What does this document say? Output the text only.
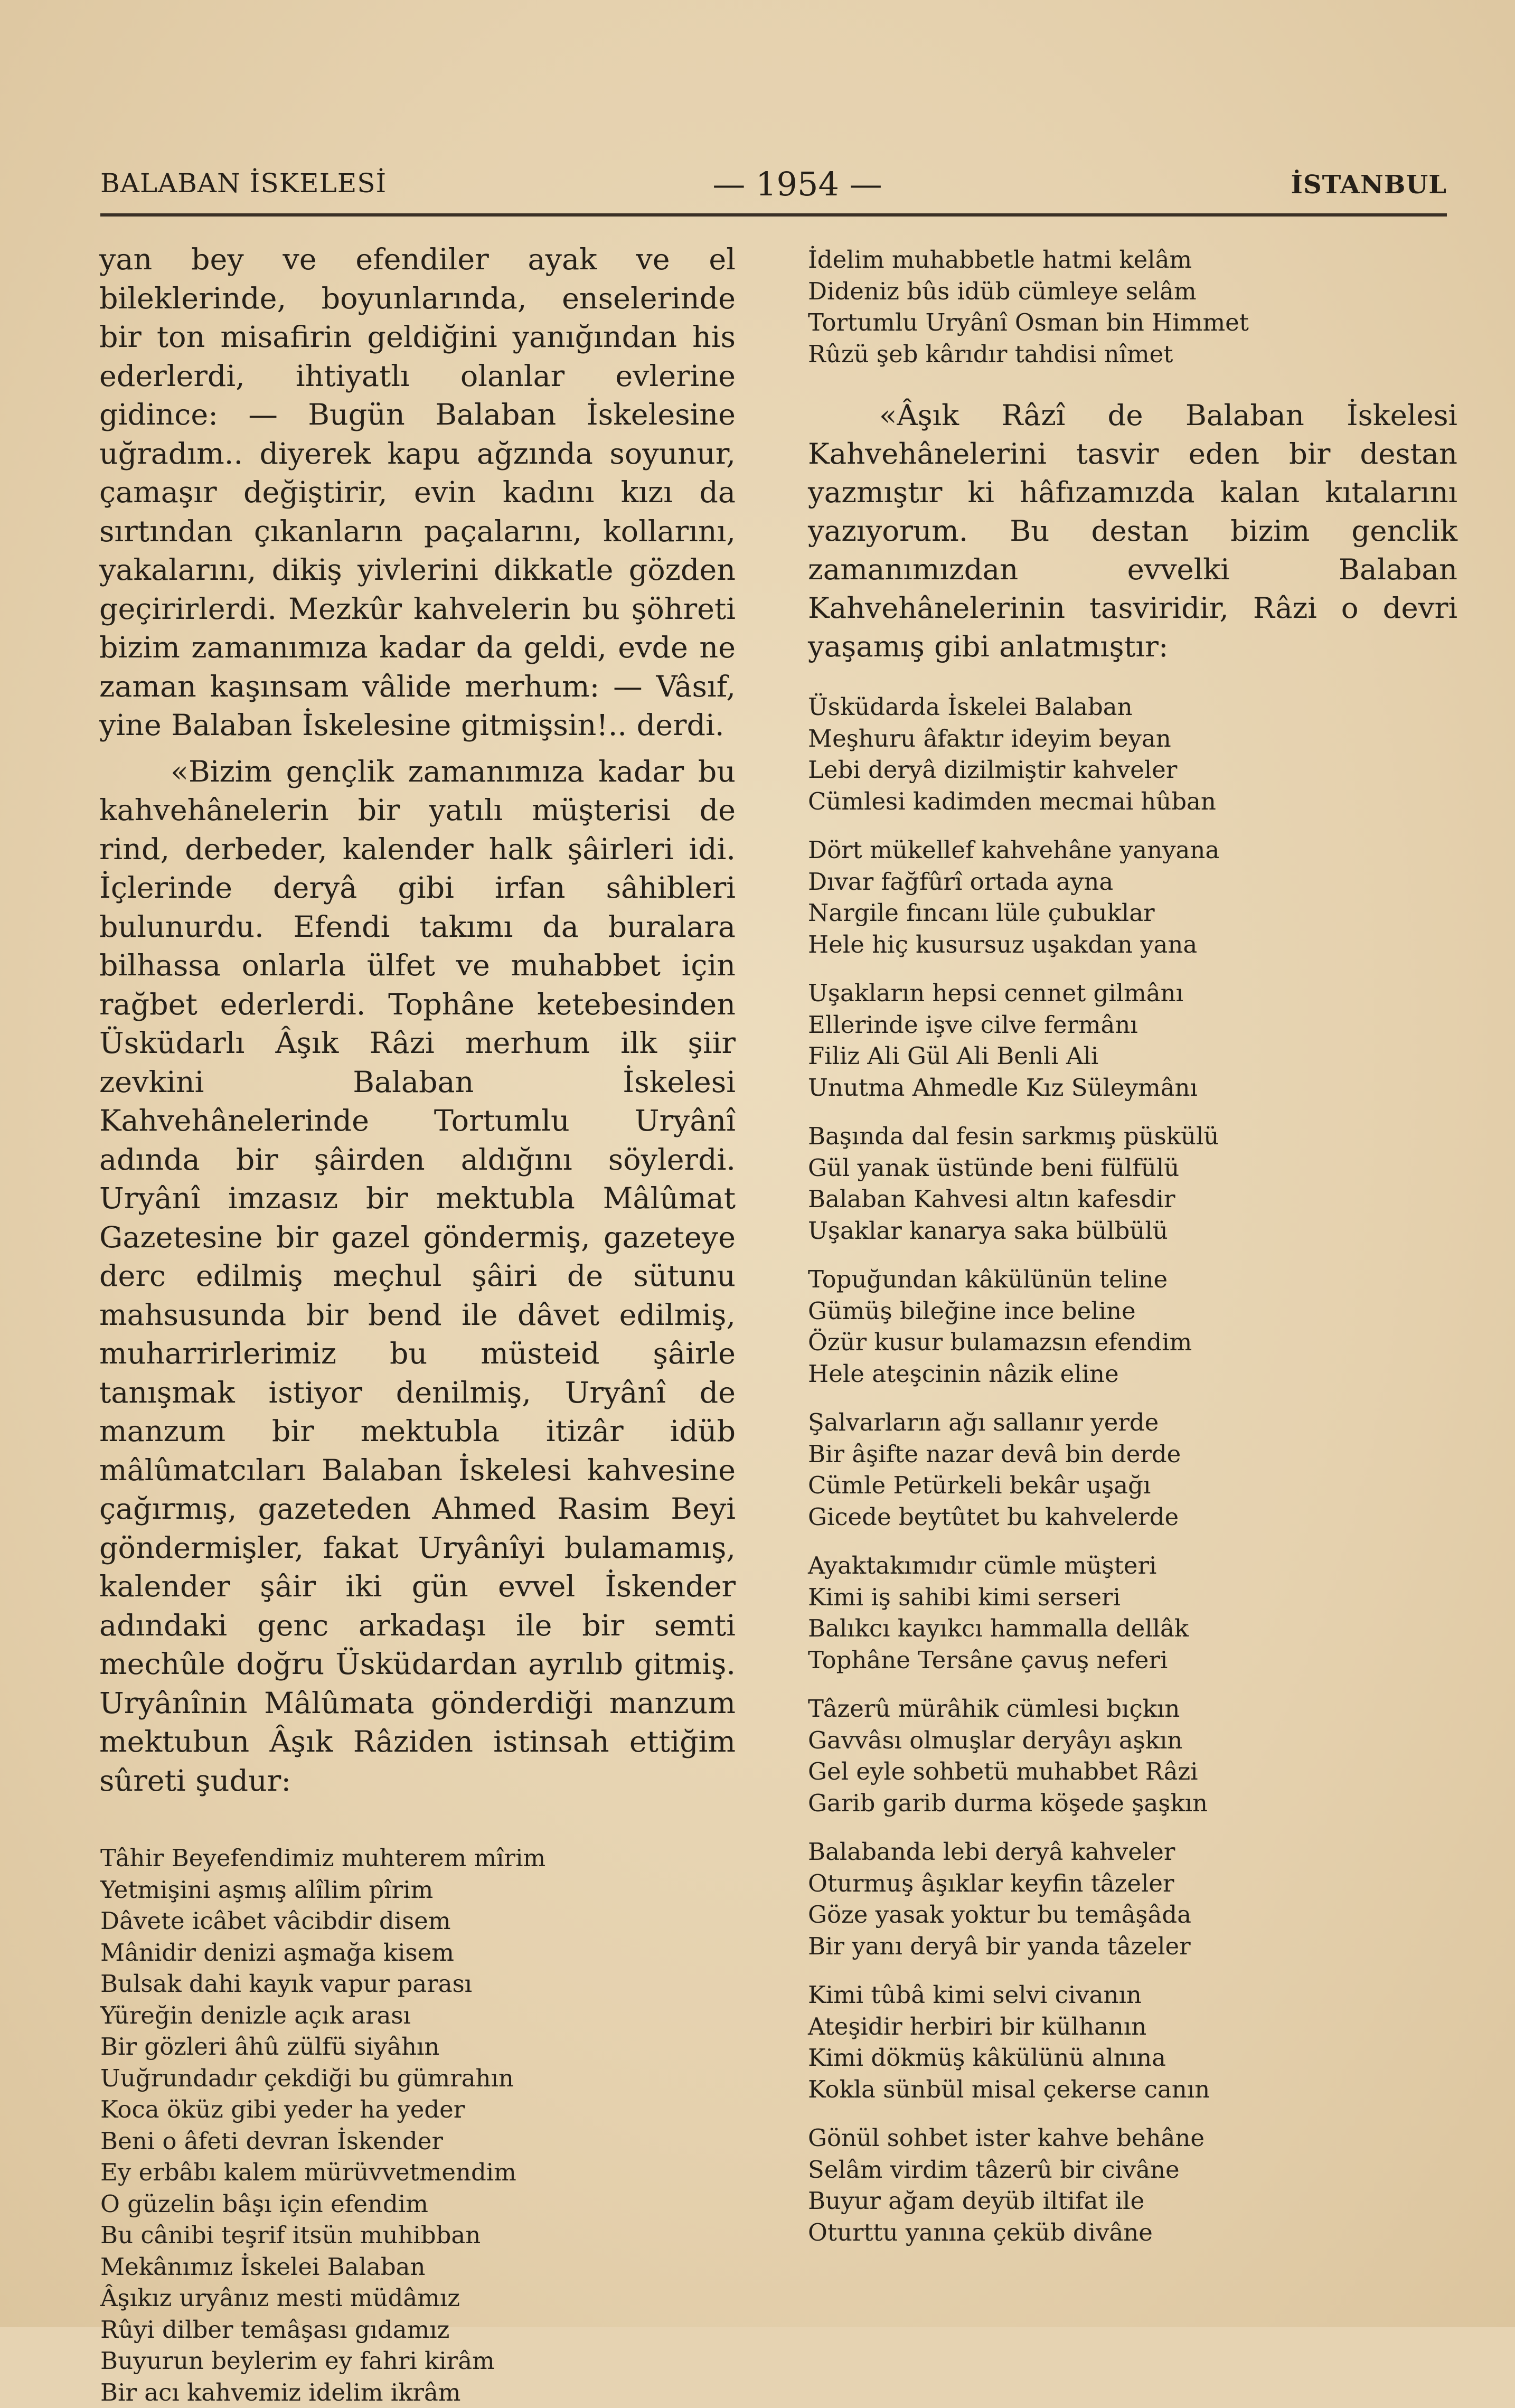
BALABAN İSKELESİ	— 1954 —	İSTANBUL

yan bey ve efendiler ayak ve el bileklerinde, boyunlarında, enselerinde bir ton misafirin geldiğini yanığından his ederlerdi, ihtiyatlı olanlar evlerine gidince: — Bugün Balaban İskelesine uğradım.. diyerek kapu ağzında soyunur, çamaşır değiştirir, evin kadını kızı da sırtından çıkanların paçalarını, kollarını, yakalarını, dikiş yivlerini dikkatle gözden geçirirlerdi. Mezkûr kahvelerin bu şöhreti bizim zamanımıza kadar da geldi, evde ne zaman kaşınsam vâlide merhum: — Vâsıf, yine Balaban İskelesine gitmişsin!.. derdi.

«Bizim gençlik zamanımıza kadar bu kahvehânelerin bir yatılı müşterisi de rind, derbeder, kalender halk şâirleri idi. İçlerinde deryâ gibi irfan sâhibleri bulunurdu. Efendi takımı da buralara bilhassa onlarla ülfet ve muhabbet için rağbet ederlerdi. Tophâne ketebesinden Üsküdarlı Âşık Râzi merhum ilk şiir zevkini Balaban İskelesi Kahvehânelerinde Tortumlu Uryânî adında bir şâirden aldığını söylerdi. Uryânî imzasız bir mektubla Mâlûmat Gazetesine bir gazel göndermiş, gazeteye derc edilmiş meçhul şâiri de sütunu mahsusunda bir bend ile dâvet edilmiş, muharrirlerimiz bu müsteid şâirle tanışmak istiyor denilmiş, Uryânî de manzum bir mektubla itizâr idüb mâlûmatcıları Balaban İskelesi kahvesine çağırmış, gazeteden Ahmed Rasim Beyi göndermişler, fakat Uryânîyi bulamamış, kalender şâir iki gün evvel İskender adındaki genc arkadaşı ile bir semti mechûle doğru Üsküdardan ayrılıb gitmiş. Uryânînin Mâlûmata gönderdiği manzum mektubun Âşık Râziden istinsah ettiğim sûreti şudur:

Tâhir Beyefendimiz muhterem mîrim
Yetmişini aşmış alîlim pîrim
Dâvete icâbet vâcibdir disem
Mânidir denizi aşmağa kisem
Bulsak dahi kayık vapur parası
Yüreğin denizle açık arası
Bir gözleri âhû zülfü siyâhın
Uuğrundadır çekdiği bu gümrahın
Koca öküz gibi yeder ha yeder
Beni o âfeti devran İskender
Ey erbâbı kalem mürüvvetmendim
O güzelin bâşı için efendim
Bu cânibi teşrif itsün muhibban
Mekânımız İskelei Balaban
Âşıkız uryânız mesti müdâmız
Rûyi dilber temâşası gıdamız
Buyurun beylerim ey fahri kirâm
Bir acı kahvemiz idelim ikrâm
İdelim muhabbetle hatmi kelâm
Dideniz bûs idüb cümleye selâm
Tortumlu Uryânî Osman bin Himmet
Rûzü şeb kârıdır tahdisi nîmet

«Âşık Râzî de Balaban İskelesi Kahvehânelerini tasvir eden bir destan yazmıştır ki hâfızamızda kalan kıtalarını yazıyorum. Bu destan bizim genclik zamanımızdan evvelki Balaban Kahvehânelerinin tasviridir, Râzi o devri yaşamış gibi anlatmıştır:

Üsküdarda İskelei Balaban
Meşhuru âfaktır ideyim beyan
Lebi deryâ dizilmiştir kahveler
Cümlesi kadimden mecmai hûban
Dört mükellef kahvehâne yanyana
Dıvar fağfûrî ortada ayna
Nargile fıncanı lüle çubuklar
Hele hiç kusursuz uşakdan yana
Uşakların hepsi cennet gilmânı
Ellerinde işve cilve fermânı
Filiz Ali Gül Ali Benli Ali
Unutma Ahmedle Kız Süleymânı
Başında dal fesin sarkmış püskülü
Gül yanak üstünde beni fülfülü
Balaban Kahvesi altın kafesdir
Uşaklar kanarya saka bülbülü
Topuğundan kâkülünün teline
Gümüş bileğine ince beline
Özür kusur bulamazsın efendim
Hele ateşcinin nâzik eline
Şalvarların ağı sallanır yerde
Bir âşifte nazar devâ bin derde
Cümle Petürkeli bekâr uşağı
Gicede beytûtet bu kahvelerde
Ayaktakımıdır cümle müşteri
Kimi iş sahibi kimi serseri
Balıkcı kayıkcı hammalla dellâk
Tophâne Tersâne çavuş neferi
Tâzerû mürâhik cümlesi bıçkın
Gavvâsı olmuşlar deryâyı aşkın
Gel eyle sohbetü muhabbet Râzi
Garib garib durma köşede şaşkın
Balabanda lebi deryâ kahveler
Oturmuş âşıklar keyfin tâzeler
Göze yasak yoktur bu temâşâda
Bir yanı deryâ bir yanda tâzeler
Kimi tûbâ kimi selvi civanın
Ateşidir herbiri bir külhanın
Kimi dökmüş kâkülünü alnına
Kokla sünbül misal çekerse canın
Gönül sohbet ister kahve behâne
Selâm virdim tâzerû bir civâne
Buyur ağam deyüb iltifat ile
Oturttu yanına çeküb divâne
